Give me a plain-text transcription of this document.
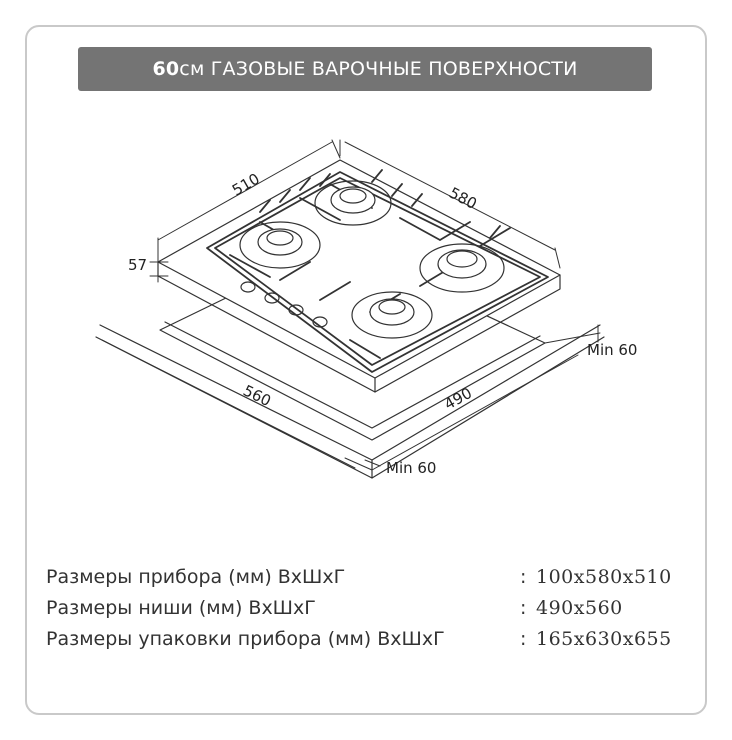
60 см ГАЗОВЫЕ ВАРОЧНЫЕ ПОВЕРХНОСТИ
510	580
57
560	490
Min 60
Min 60
Размеры прибора (мм) ВхШхГ	: 100x580x510
Размеры ниши (мм) ВхШхГ	: 490x560
Размеры упаковки прибора (мм) ВхШхГ	: 165x630x655
